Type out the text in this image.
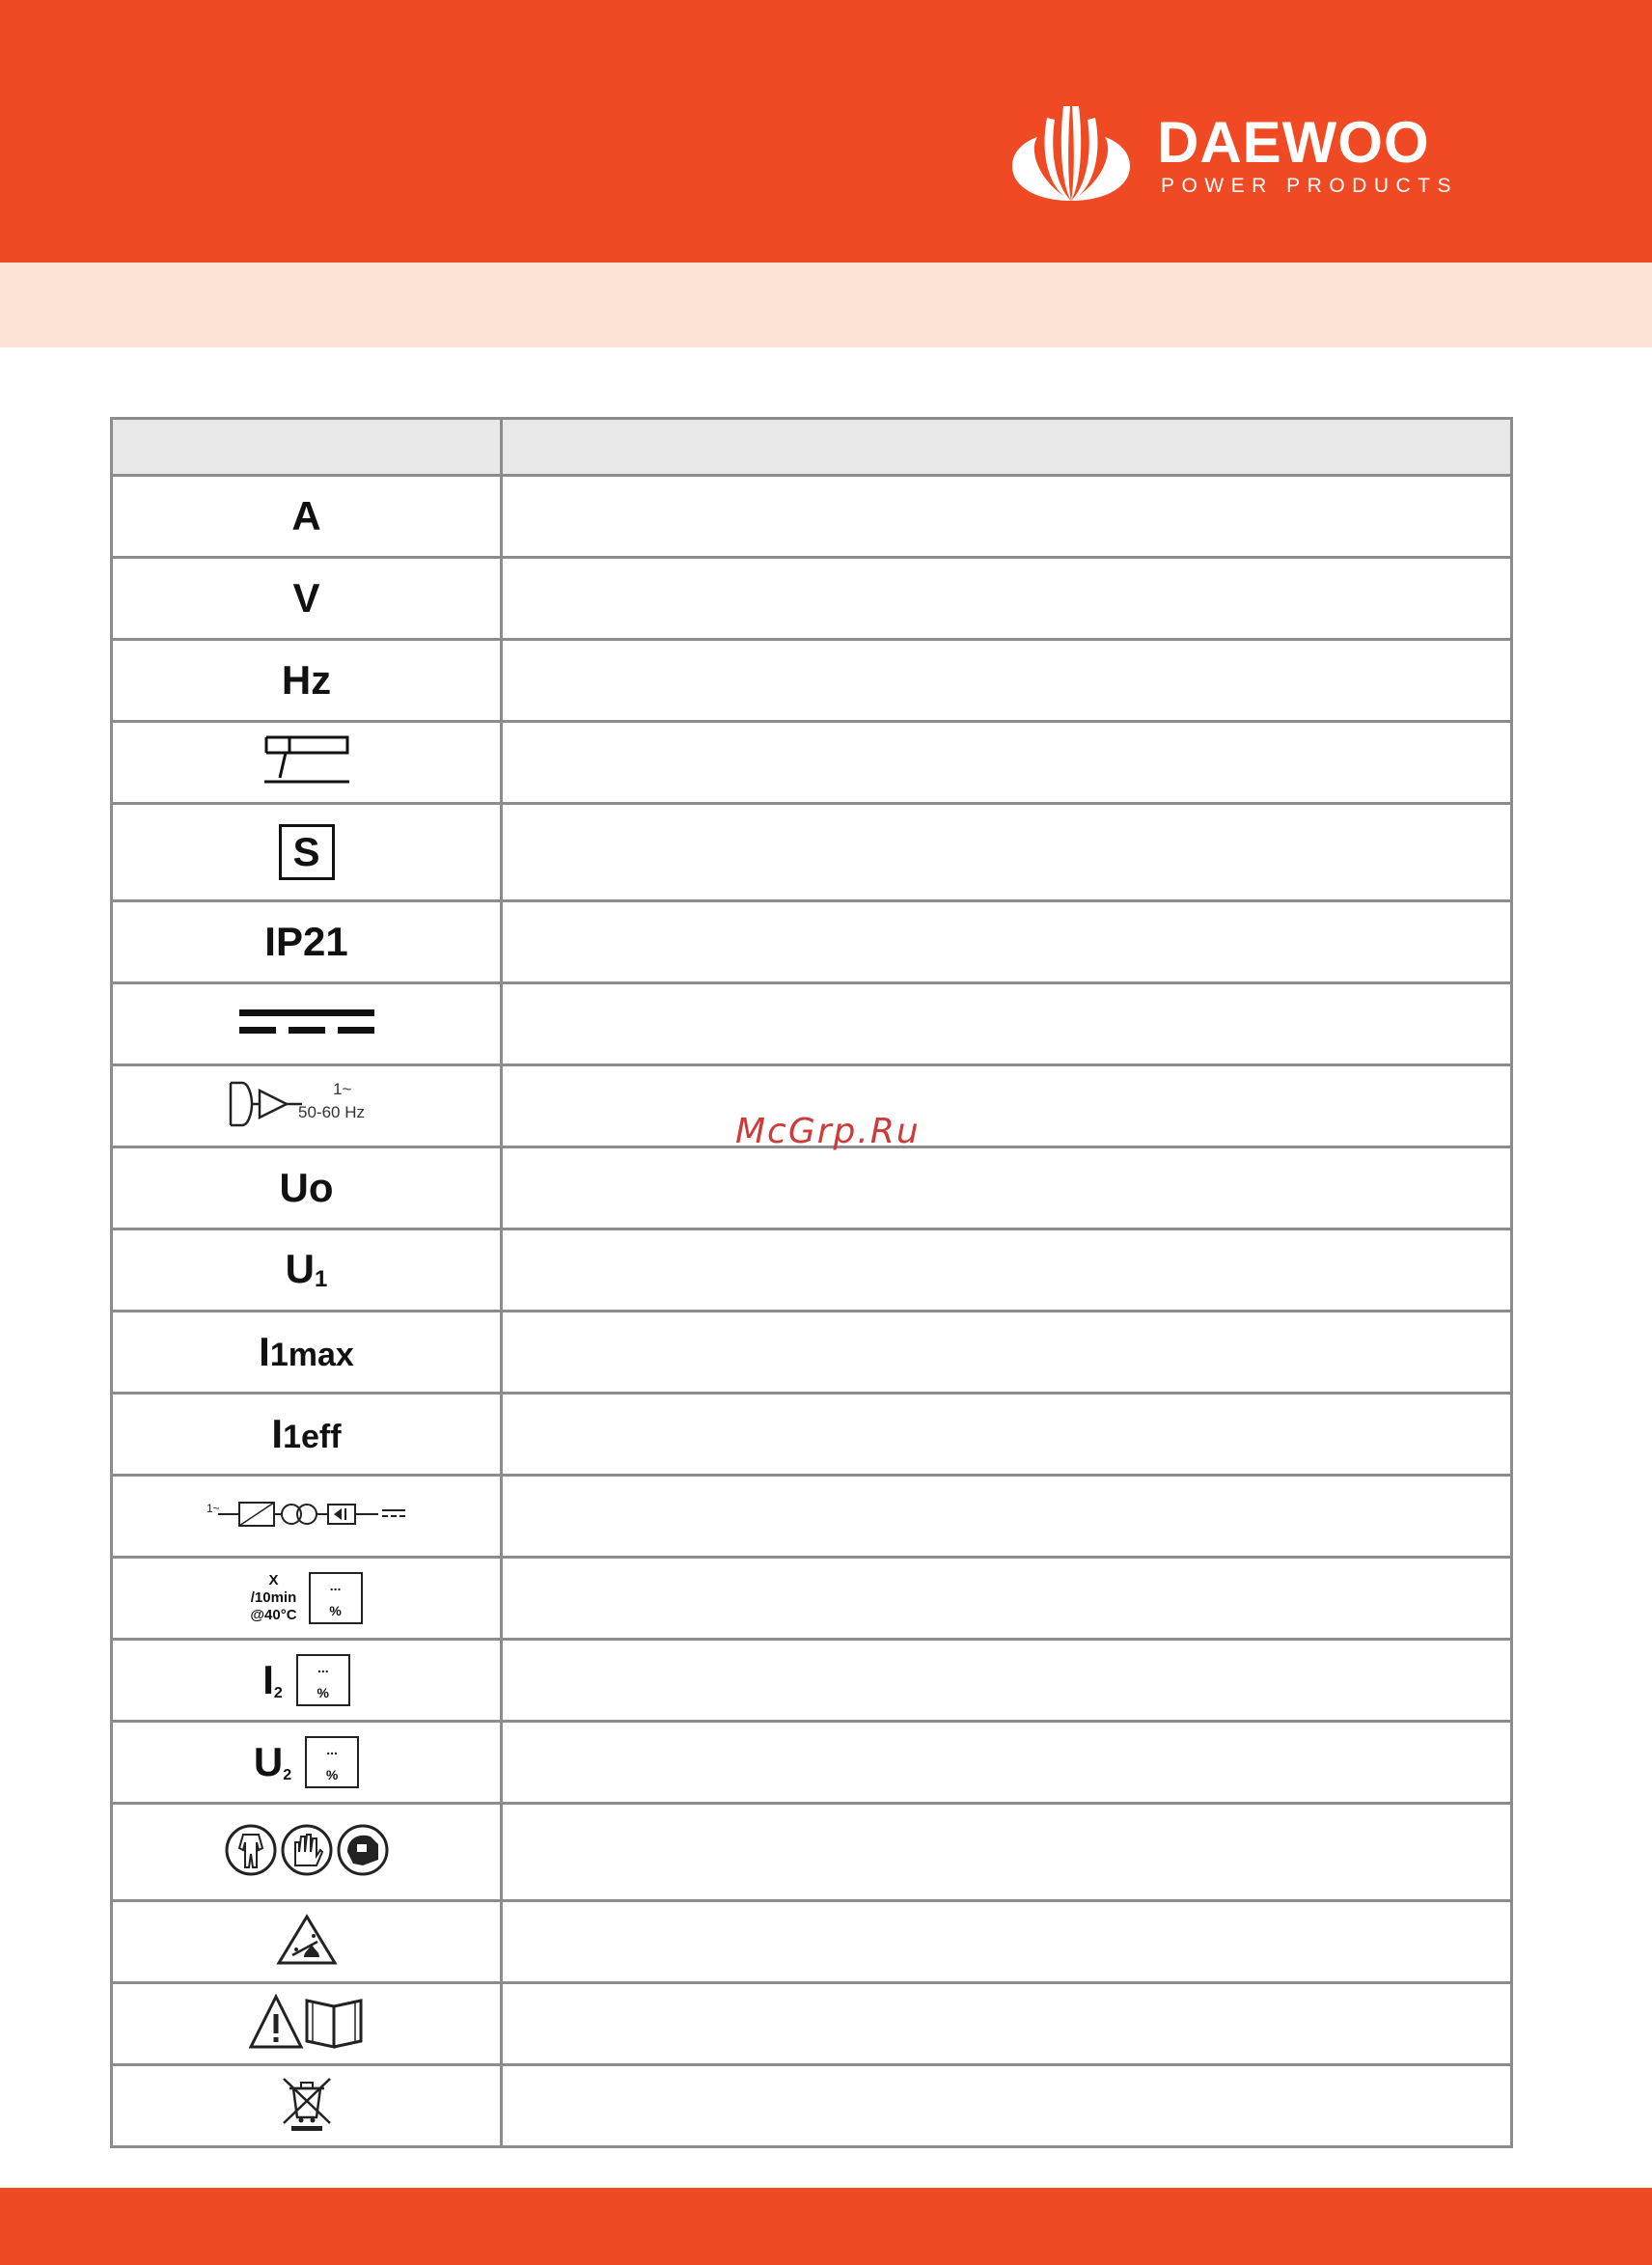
DAEWOO
POWER PRODUCTS

A	
V	
Hz	

S	
IP21	

1~
50-60 Hz	

Uo	
$U_1$	
I1max	
I1eff	

1~	

X
/10min
@40°C
...
%	

$I_2$
...
%	

$U_2$
...
%	

McGrp.Ru
